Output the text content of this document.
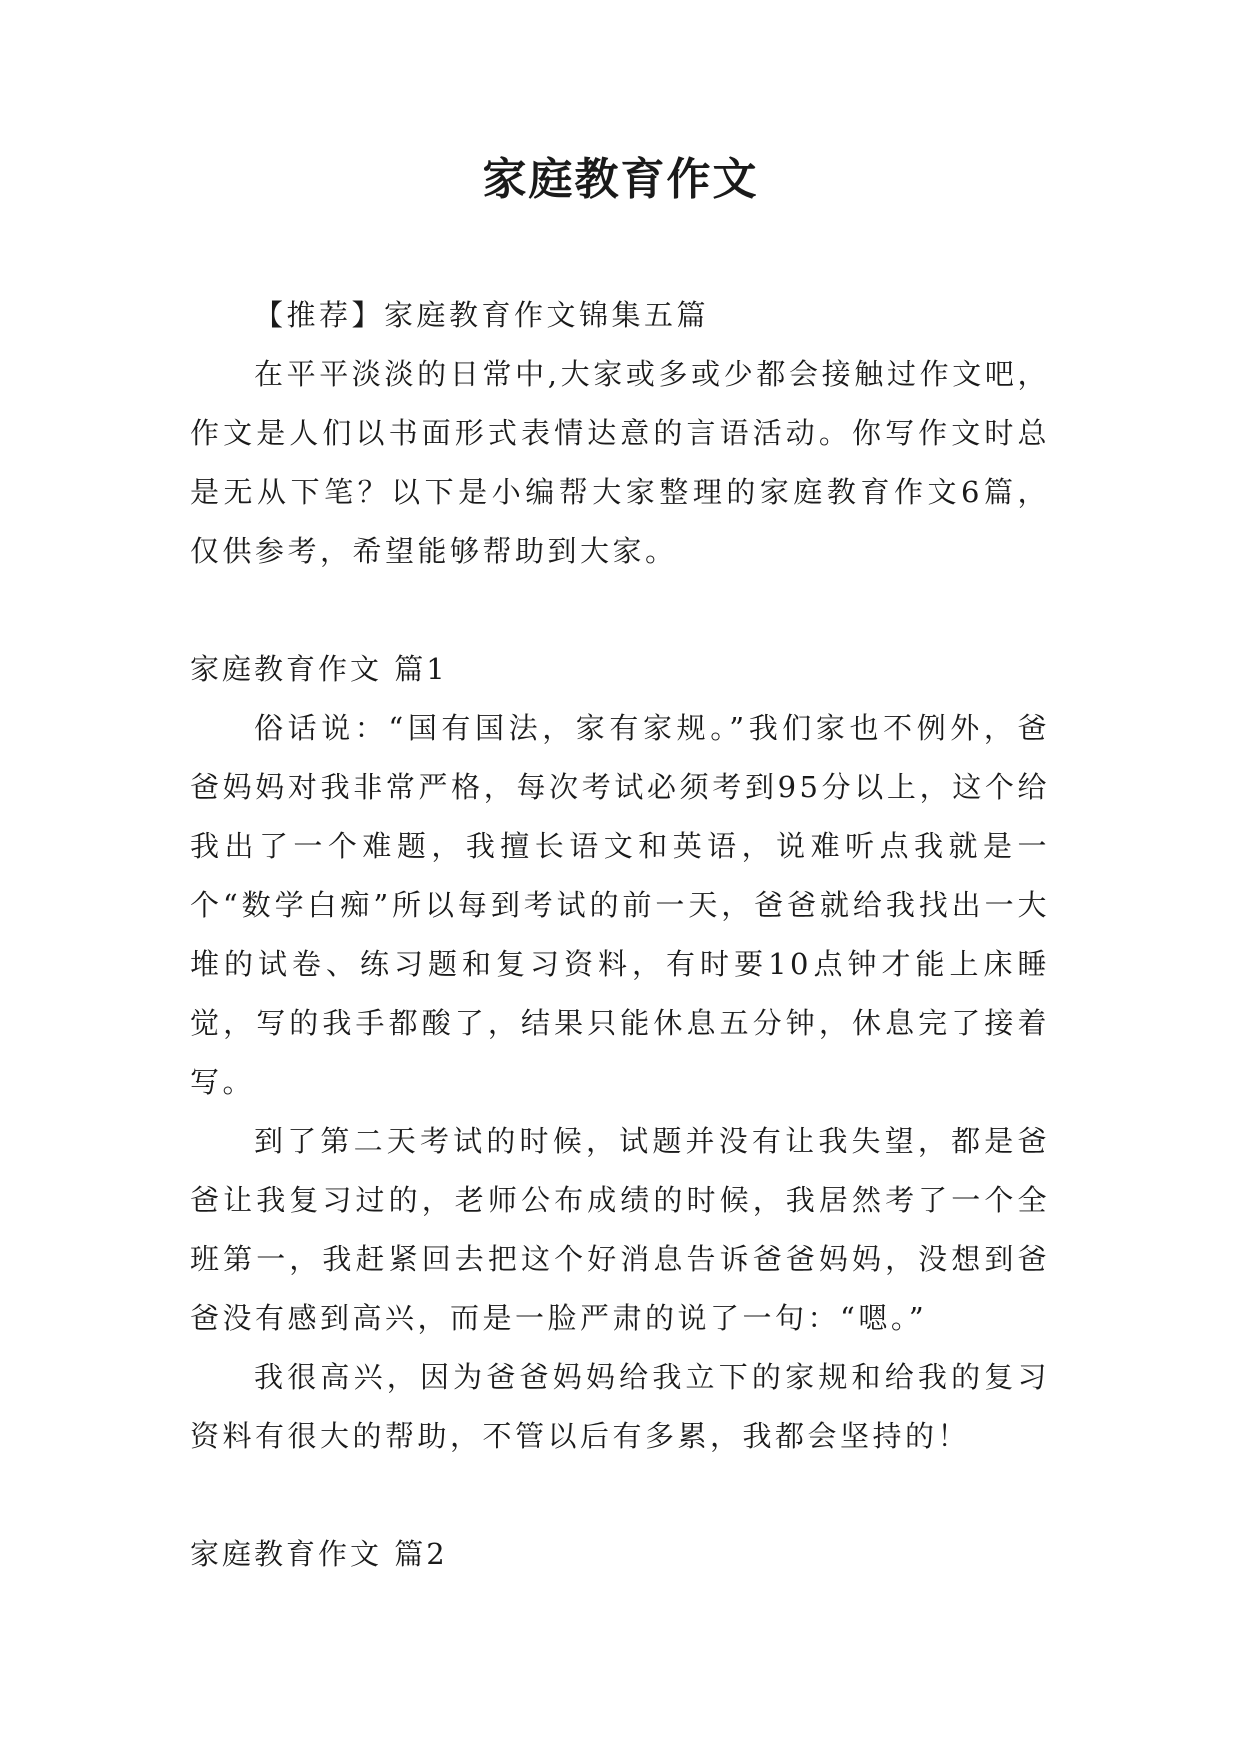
家庭教育作文

【推荐】家庭教育作文锦集五篇

在平平淡淡的日常中,大家或多或少都会接触过作文吧，作文是人们以书面形式表情达意的言语活动。你写作文时总是无从下笔？以下是小编帮大家整理的家庭教育作文6篇，仅供参考，希望能够帮助到大家。

家庭教育作文 篇1

俗话说：“国有国法，家有家规。”我们家也不例外，爸爸妈妈对我非常严格，每次考试必须考到95分以上，这个给我出了一个难题，我擅长语文和英语，说难听点我就是一个“数学白痴”所以每到考试的前一天，爸爸就给我找出一大堆的试卷、练习题和复习资料，有时要10点钟才能上床睡觉，写的我手都酸了，结果只能休息五分钟，休息完了接着写。

到了第二天考试的时候，试题并没有让我失望，都是爸爸让我复习过的，老师公布成绩的时候，我居然考了一个全班第一，我赶紧回去把这个好消息告诉爸爸妈妈，没想到爸爸没有感到高兴，而是一脸严肃的说了一句：“嗯。”

我很高兴，因为爸爸妈妈给我立下的家规和给我的复习资料有很大的帮助，不管以后有多累，我都会坚持的！

家庭教育作文 篇2
